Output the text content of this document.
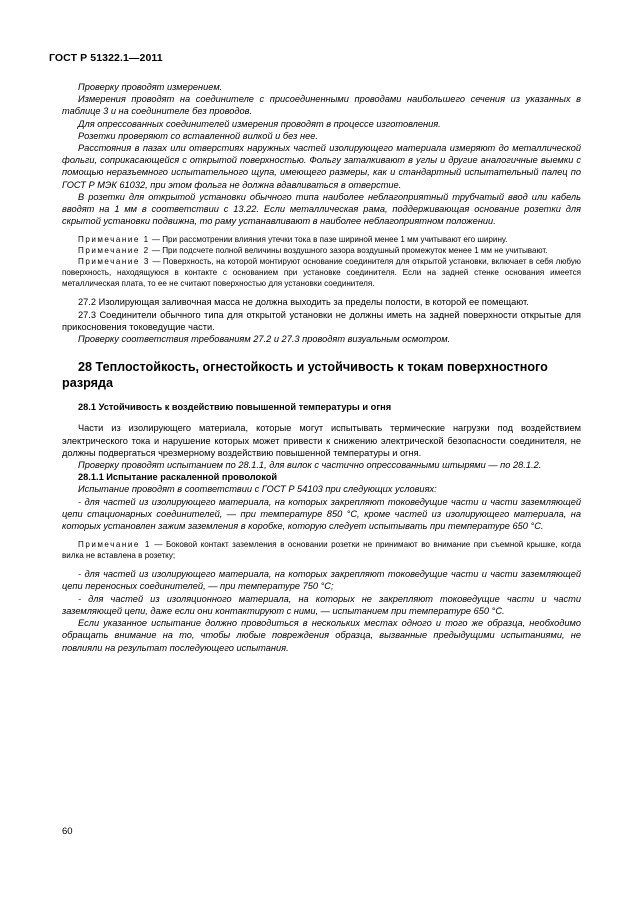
ГОСТ Р 51322.1—2011

Проверку проводят измерением.

Измерения проводят на соединителе с присоединенными проводами наибольшего сечения из указанных в таблице 3 и на соединителе без проводов.

Для опрессованных соединителей измерения проводят в процессе изготовления.

Розетки проверяют со вставленной вилкой и без нее.

Расстояния в пазах или отверстиях наружных частей изолирующего материала измеряют до металлической фольги, соприкасающейся с открытой поверхностью. Фольгу заталкивают в углы и другие аналогичные выемки с помощью неразъемного испытательного щупа, имеющего размеры, как и стандартный испытательный палец по ГОСТ Р МЭК 61032, при этом фольга не должна вдавливаться в отверстие.

В розетки для открытой установки обычного типа наиболее неблагоприятный трубчатый ввод или кабель вводят на 1 мм в соответствии с 13.22. Если металлическая рама, поддерживающая основание розетки для скрытой установки подвижна, то раму устанавливают в наиболее неблагоприятном положении.

Примечание 1 — При рассмотрении влияния утечки тока в пазе шириной менее 1 мм учитывают его ширину.

Примечание 2 — При подсчете полной величины воздушного зазора воздушный промежуток менее 1 мм не учитывают.

Примечание 3 — Поверхность, на которой монтируют основание соединителя для открытой установки, включает в себя любую поверхность, находящуюся в контакте с основанием при установке соединителя. Если на задней стенке основания имеется металлическая плата, то ее не считают поверхностью для установки соединителя.

27.2 Изолирующая заливочная масса не должна выходить за пределы полости, в которой ее помещают.

27.3 Соединители обычного типа для открытой установки не должны иметь на задней поверхности открытые для прикосновения токоведущие части.

Проверку соответствия требованиям 27.2 и 27.3 проводят визуальным осмотром.

28 Теплостойкость, огнестойкость и устойчивость к токам поверхностного разряда
28.1 Устойчивость к воздействию повышенной температуры и огня

Части из изолирующего материала, которые могут испытывать термические нагрузки под воздействием электрического тока и нарушение которых может привести к снижению электрической безопасности соединителя, не должны подвергаться чрезмерному воздействию повышенной температуры и огня.

Проверку проводят испытанием по 28.1.1, для вилок с частично опрессованными штырями — по 28.1.2.

28.1.1 Испытание раскаленной проволокой

Испытание проводят в соответствии с ГОСТ Р 54103 при следующих условиях:

- для частей из изолирующего материала, на которых закрепляют токоведущие части и части заземляющей цепи стационарных соединителей, — при температуре 850 °С, кроме частей из изолирующего материала, на которых установлен зажим заземления в коробке, которую следует испытывать при температуре 650 °С.

Примечание 1 — Боковой контакт заземления в основании розетки не принимают во внимание при съемной крышке, когда вилка не вставлена в розетку;

- для частей из изолирующего материала, на которых закрепляют токоведущие части и части заземляющей цепи переносных соединителей, — при температуре 750 °С;

- для частей из изоляционного материала, на которых не закрепляют токоведущие части и части заземляющей цепи, даже если они контактируют с ними, — испытанием при температуре 650 °С.

Если указанное испытание должно проводиться в нескольких местах одного и того же образца, необходимо обращать внимание на то, чтобы любые повреждения образца, вызванные предыдущими испытаниями, не повлияли на результат последующего испытания.

60
